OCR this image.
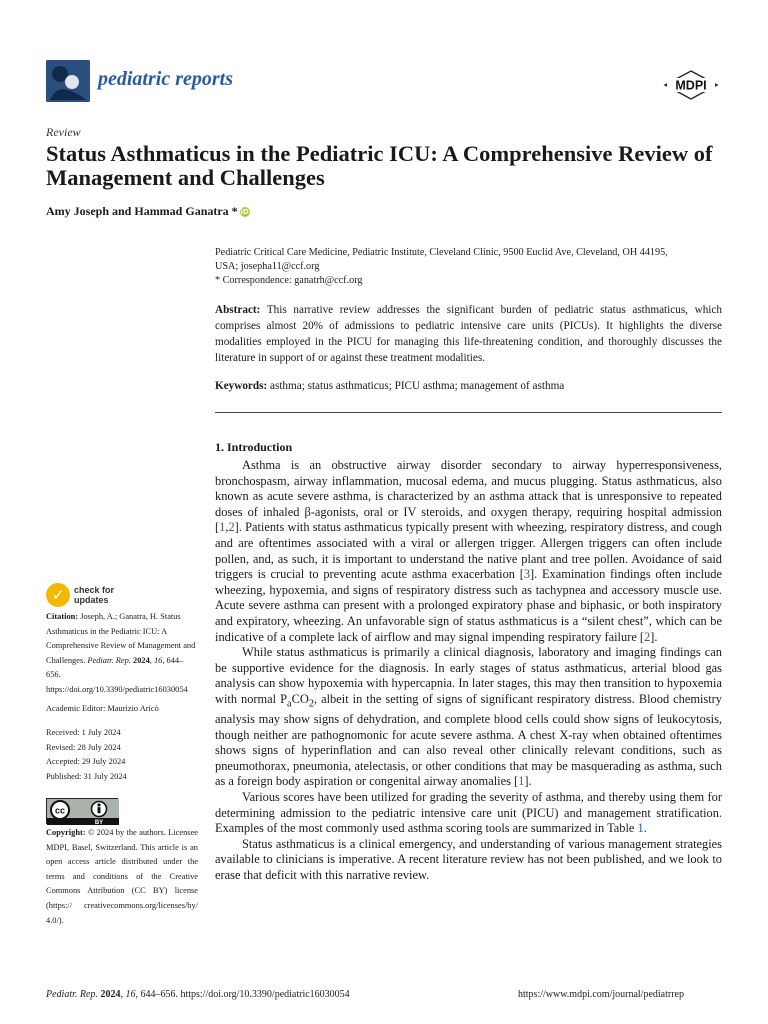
pediatric reports	MDPI
Review
Status Asthmaticus in the Pediatric ICU: A Comprehensive Review of Management and Challenges
Amy Joseph and Hammad Ganatra * iD
Pediatric Critical Care Medicine, Pediatric Institute, Cleveland Clinic, 9500 Euclid Ave, Cleveland, OH 44195,
USA; josepha11@ccf.org
* Correspondence: ganatrh@ccf.org
Abstract: This narrative review addresses the significant burden of pediatric status asthmaticus, which comprises almost 20% of admissions to pediatric intensive care units (PICUs). It highlights the diverse modalities employed in the PICU for managing this life-threatening condition, and thoroughly discusses the literature in support of or against these treatment modalities.
Keywords: asthma; status asthmaticus; PICU asthma; management of asthma
1. Introduction

Asthma is an obstructive airway disorder secondary to airway hyperresponsiveness, bronchospasm, airway inflammation, mucosal edema, and mucus plugging. Status asthmaticus, also known as acute severe asthma, is characterized by an asthma attack that is unresponsive to repeated doses of inhaled β-agonists, oral or IV steroids, and oxygen therapy, requiring hospital admission [1,2]. Patients with status asthmaticus typically present with wheezing, respiratory distress, and cough and are oftentimes associated with a viral or allergen trigger. Allergen triggers can often include pollen, and, as such, it is important to understand the native plant and tree pollen. Avoidance of said triggers is crucial to preventing acute asthma exacerbation [3]. Examination findings often include wheezing, hypoxemia, and signs of respiratory distress such as tachypnea and accessory muscle use. Acute severe asthma can present with a prolonged expiratory phase and biphasic, or both inspiratory and expiratory, wheezing. An unfavorable sign of status asthmaticus is a “silent chest”, which can be indicative of a complete lack of airflow and may signal impending respiratory failure [2].

While status asthmaticus is primarily a clinical diagnosis, laboratory and imaging findings can be supportive evidence for the diagnosis. In early stages of status asthmaticus, arterial blood gas analysis can show hypoxemia with hypercapnia. In later stages, this may then transition to hypoxemia with normal $P_aCO_2$, albeit in the setting of signs of significant respiratory distress. Blood chemistry analysis may show signs of dehydration, and complete blood cells could show signs of leukocytosis, though neither are pathognomonic for acute severe asthma. A chest X-ray when obtained oftentimes shows signs of hyperinflation and can also reveal other clinically relevant conditions, such as pneumothorax, pneumonia, atelectasis, or other conditions that may be masquerading as asthma, such as a foreign body aspiration or congenital airway anomalies [1].

Various scores have been utilized for grading the severity of asthma, and thereby using them for determining admission to the pediatric intensive care unit (PICU) and management stratification. Examples of the most commonly used asthma scoring tools are summarized in Table 1.

Status asthmaticus is a clinical emergency, and understanding of various management strategies available to clinicians is imperative. A recent literature review has not been published, and we look to erase that deficit with this narrative review.

✓ check for
updates
Citation: Joseph, A.; Ganatra, H. Status Asthmaticus in the Pediatric ICU: A Comprehensive Review of Management and Challenges. Pediatr. Rep. 2024, 16, 644–656. https://doi.org/10.3390/pediatric16030054
Academic Editor: Maurizio Aricò
Received: 1 July 2024
Revised: 28 July 2024
Accepted: 29 July 2024
Published: 31 July 2024
cc
BY
Copyright: © 2024 by the authors. Licensee MDPI, Basel, Switzerland. This article is an open access article distributed under the terms and conditions of the Creative Commons Attribution (CC BY) license (https:// creativecommons.org/licenses/by/ 4.0/).
Pediatr. Rep. 2024, 16, 644–656. https://doi.org/10.3390/pediatric16030054	https://www.mdpi.com/journal/pediatrrep
